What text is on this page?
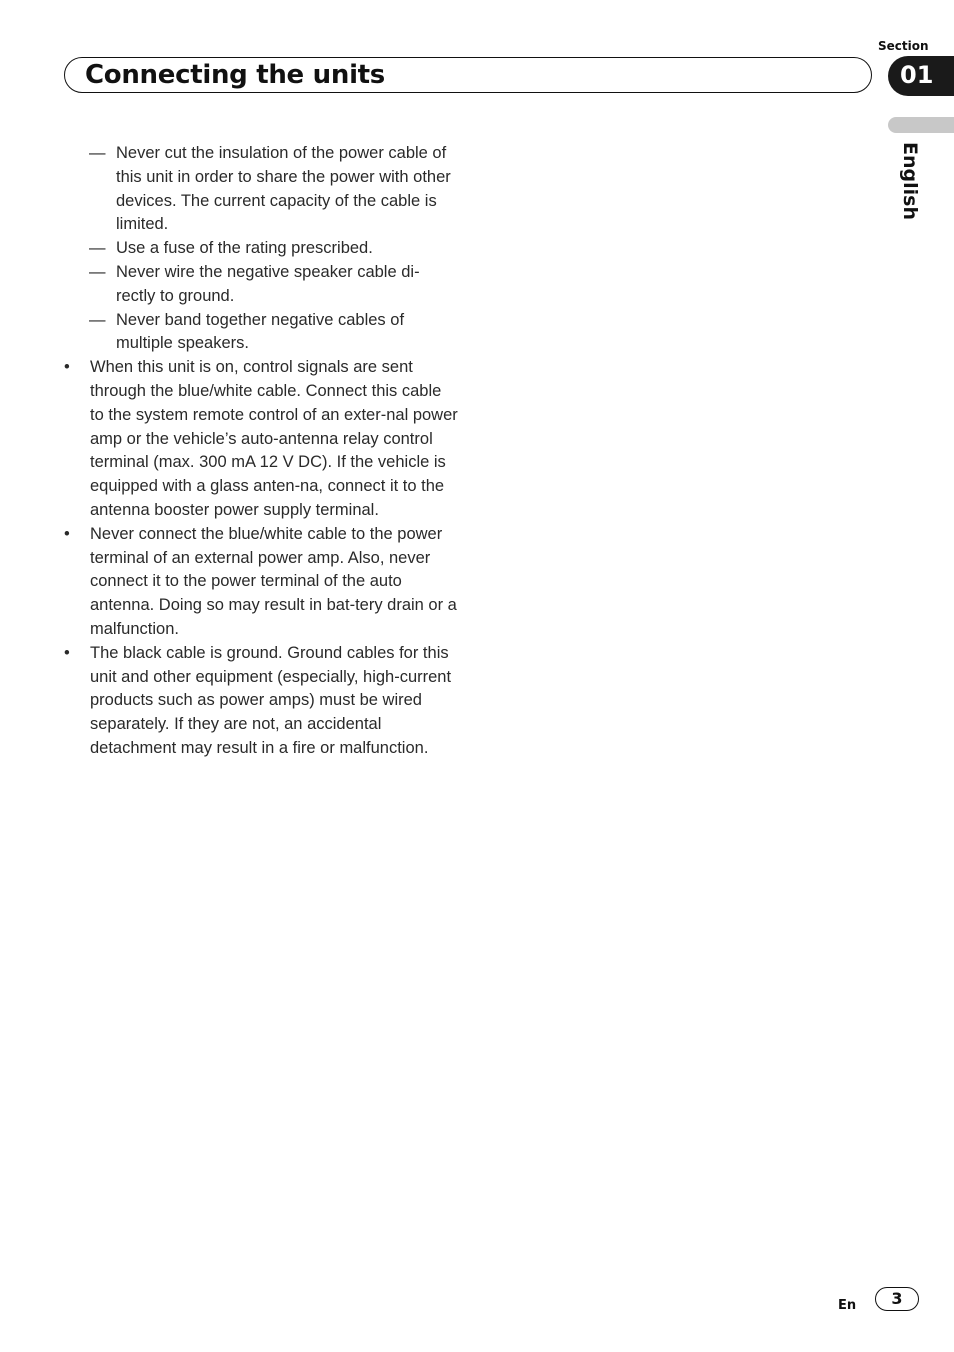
Connecting the units
Section
01
English
— Never cut the insulation of the power cable of this unit in order to share the power with other devices. The current capacity of the cable is limited.
— Use a fuse of the rating prescribed.
— Never wire the negative speaker cable di-rectly to ground.
— Never band together negative cables of multiple speakers.
• When this unit is on, control signals are sent through the blue/white cable. Connect this cable to the system remote control of an exter-nal power amp or the vehicle’s auto-antenna relay control terminal (max. 300 mA 12 V DC). If the vehicle is equipped with a glass anten-na, connect it to the antenna booster power supply terminal.
• Never connect the blue/white cable to the power terminal of an external power amp. Also, never connect it to the power terminal of the auto antenna. Doing so may result in bat-tery drain or a malfunction.
• The black cable is ground. Ground cables for this unit and other equipment (especially, high-current products such as power amps) must be wired separately. If they are not, an accidental detachment may result in a fire or malfunction.
En	3
